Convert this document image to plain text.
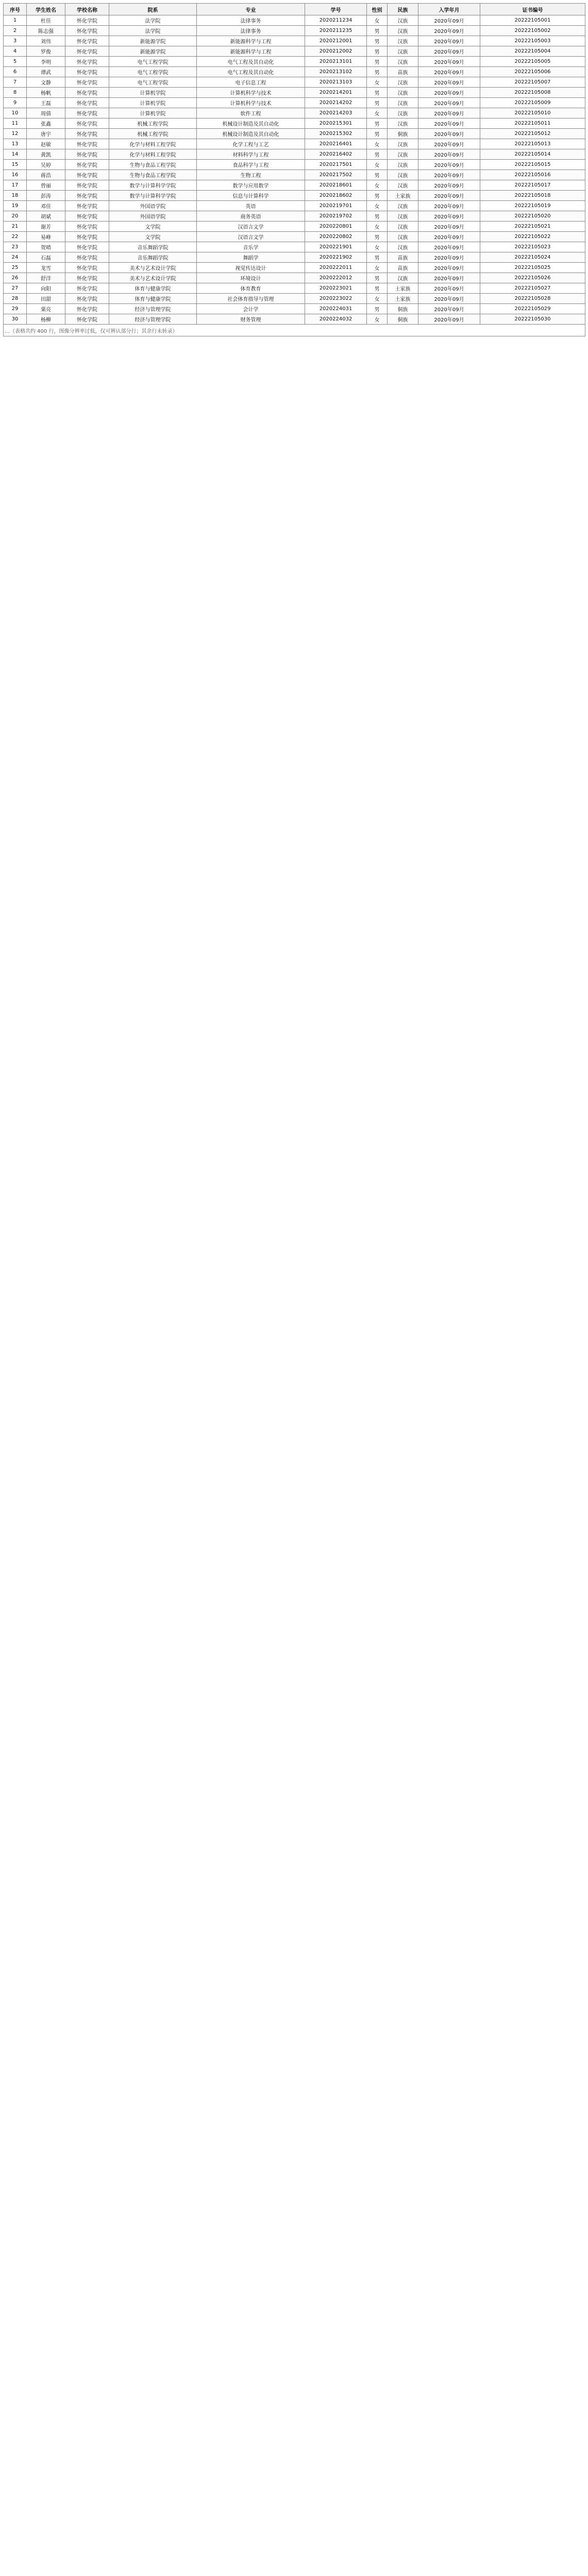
序号	学生姓名	学校名称	院系	专业	学号	性别	民族	入学年月	证书编号
1	杜佳	怀化学院	法学院	法律事务	2020211234	女	汉族	2020年09月	20222105001
2	陈志强	怀化学院	法学院	法律事务	2020211235	男	汉族	2020年09月	20222105002
3	刘伟	怀化学院	新能源学院	新能源科学与工程	2020212001	男	汉族	2020年09月	20222105003
4	罗俊	怀化学院	新能源学院	新能源科学与工程	2020212002	男	汉族	2020年09月	20222105004
5	李明	怀化学院	电气工程学院	电气工程及其自动化	2020213101	男	汉族	2020年09月	20222105005
6	谭武	怀化学院	电气工程学院	电气工程及其自动化	2020213102	男	苗族	2020年09月	20222105006
7	文静	怀化学院	电气工程学院	电子信息工程	2020213103	女	汉族	2020年09月	20222105007
8	杨帆	怀化学院	计算机学院	计算机科学与技术	2020214201	男	汉族	2020年09月	20222105008
9	王磊	怀化学院	计算机学院	计算机科学与技术	2020214202	男	汉族	2020年09月	20222105009
10	周倩	怀化学院	计算机学院	软件工程	2020214203	女	汉族	2020年09月	20222105010
11	张鑫	怀化学院	机械工程学院	机械设计制造及其自动化	2020215301	男	汉族	2020年09月	20222105011
12	唐宇	怀化学院	机械工程学院	机械设计制造及其自动化	2020215302	男	侗族	2020年09月	20222105012
13	赵敏	怀化学院	化学与材料工程学院	化学工程与工艺	2020216401	女	汉族	2020年09月	20222105013
14	黄凯	怀化学院	化学与材料工程学院	材料科学与工程	2020216402	男	汉族	2020年09月	20222105014
15	吴婷	怀化学院	生物与食品工程学院	食品科学与工程	2020217501	女	汉族	2020年09月	20222105015
16	蒋浩	怀化学院	生物与食品工程学院	生物工程	2020217502	男	汉族	2020年09月	20222105016
17	曾丽	怀化学院	数学与计算科学学院	数学与应用数学	2020218601	女	汉族	2020年09月	20222105017
18	彭涛	怀化学院	数学与计算科学学院	信息与计算科学	2020218602	男	土家族	2020年09月	20222105018
19	邓佳	怀化学院	外国语学院	英语	2020219701	女	汉族	2020年09月	20222105019
20	胡斌	怀化学院	外国语学院	商务英语	2020219702	男	汉族	2020年09月	20222105020
21	谢芳	怀化学院	文学院	汉语言文学	2020220801	女	汉族	2020年09月	20222105021
22	易峰	怀化学院	文学院	汉语言文学	2020220802	男	汉族	2020年09月	20222105022
23	贺晴	怀化学院	音乐舞蹈学院	音乐学	2020221901	女	汉族	2020年09月	20222105023
24	石磊	怀化学院	音乐舞蹈学院	舞蹈学	2020221902	男	苗族	2020年09月	20222105024
25	龙雪	怀化学院	美术与艺术设计学院	视觉传达设计	2020222011	女	苗族	2020年09月	20222105025
26	舒洋	怀化学院	美术与艺术设计学院	环境设计	2020222012	男	汉族	2020年09月	20222105026
27	向阳	怀化学院	体育与健康学院	体育教育	2020223021	男	土家族	2020年09月	20222105027
28	田甜	怀化学院	体育与健康学院	社会体育指导与管理	2020223022	女	土家族	2020年09月	20222105028
29	粟亮	怀化学院	经济与管理学院	会计学	2020224031	男	侗族	2020年09月	20222105029
30	杨柳	怀化学院	经济与管理学院	财务管理	2020224032	女	侗族	2020年09月	20222105030
…（表格共约 400 行，图像分辨率过低，仅可辨认部分行；其余行未转录）									
